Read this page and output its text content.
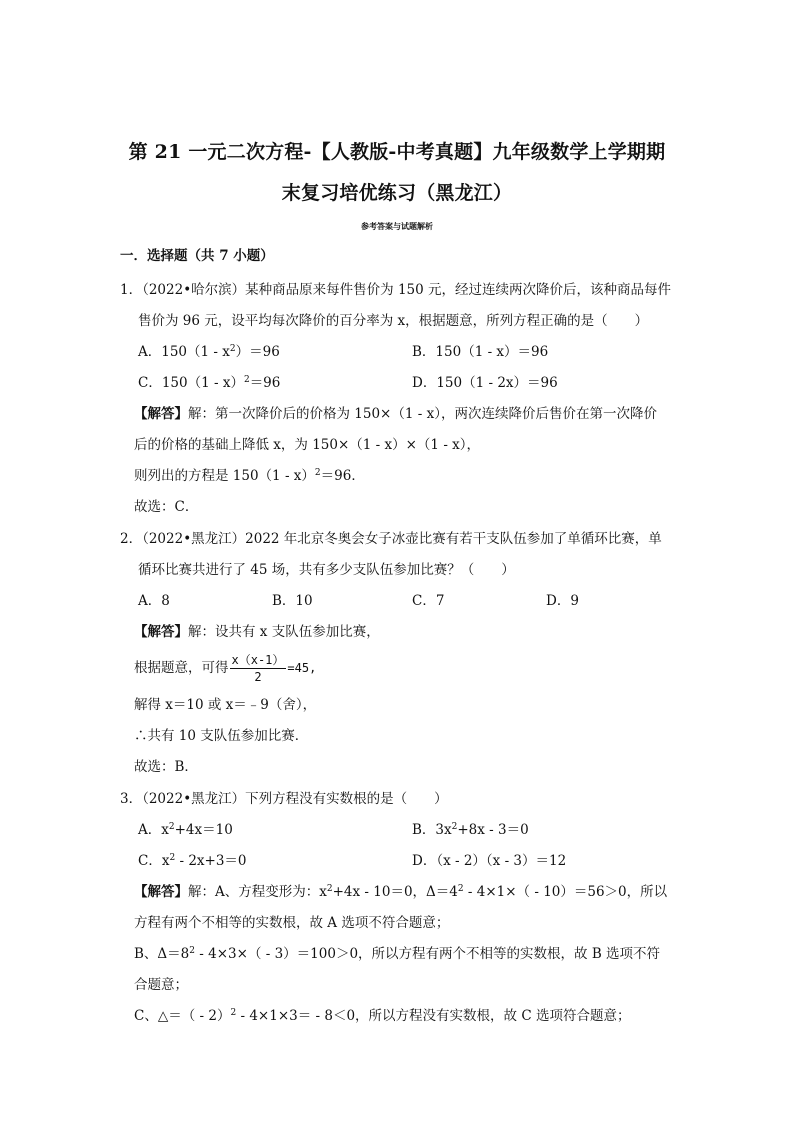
第 21 一元二次方程-【人教版-中考真题】九年级数学上学期期
末复习培优练习（黑龙江）
参考答案与试题解析
一．选择题（共 7 小题）
1．（2022•哈尔滨）某种商品原来每件售价为 150 元，经过连续两次降价后，该种商品每件
售价为 96 元，设平均每次降价的百分率为 x，根据题意，所列方程正确的是（　　）
A．$150(1 - x^2)=96$	B．150（1 - x）＝96
C．150（1 - x）$^2$＝96	D．150（1 - 2x）＝96
【解答】解：第一次降价后的价格为 150×（1 - x），两次连续降价后售价在第一次降价
后的价格的基础上降低 x，为 150×（1 - x）×（1 - x），
则列出的方程是 150（1 - x）$^2$＝96．
故选：C．
2．（2022•黑龙江）2022 年北京冬奥会女子冰壶比赛有若干支队伍参加了单循环比赛，单
循环比赛共进行了 45 场，共有多少支队伍参加比赛？（　　）
A．8	B．10	C．7	D．9
【解答】解：设共有 x 支队伍参加比赛，
根据题意，可得 $\frac{x(x-1)}{2} =45$,
解得 x＝10 或 x＝﹣9（舍），
∴共有 10 支队伍参加比赛．
故选：B．
3．（2022•黑龙江）下列方程没有实数根的是（　　）
A．$x^2+4x=10$	B．$3x^2+8x - 3=0$
C．$x^2 - 2x+3=0$	D．（x - 2）（x - 3）＝12
【解答】解：A、方程变形为：$x^2+4x - 10=0$，$\Delta=4^2 - 4\times 1\times( - 10)=56>0$，所以
方程有两个不相等的实数根，故 A 选项不符合题意；
B、$\Delta=8^2 - 4\times 3\times( - 3)=100>0$，所以方程有两个不相等的实数根，故 B 选项不符
合题意；
C、△＝（ - 2）$^2$ - 4×1×3＝ - 8＜0，所以方程没有实数根，故 C 选项符合题意；
